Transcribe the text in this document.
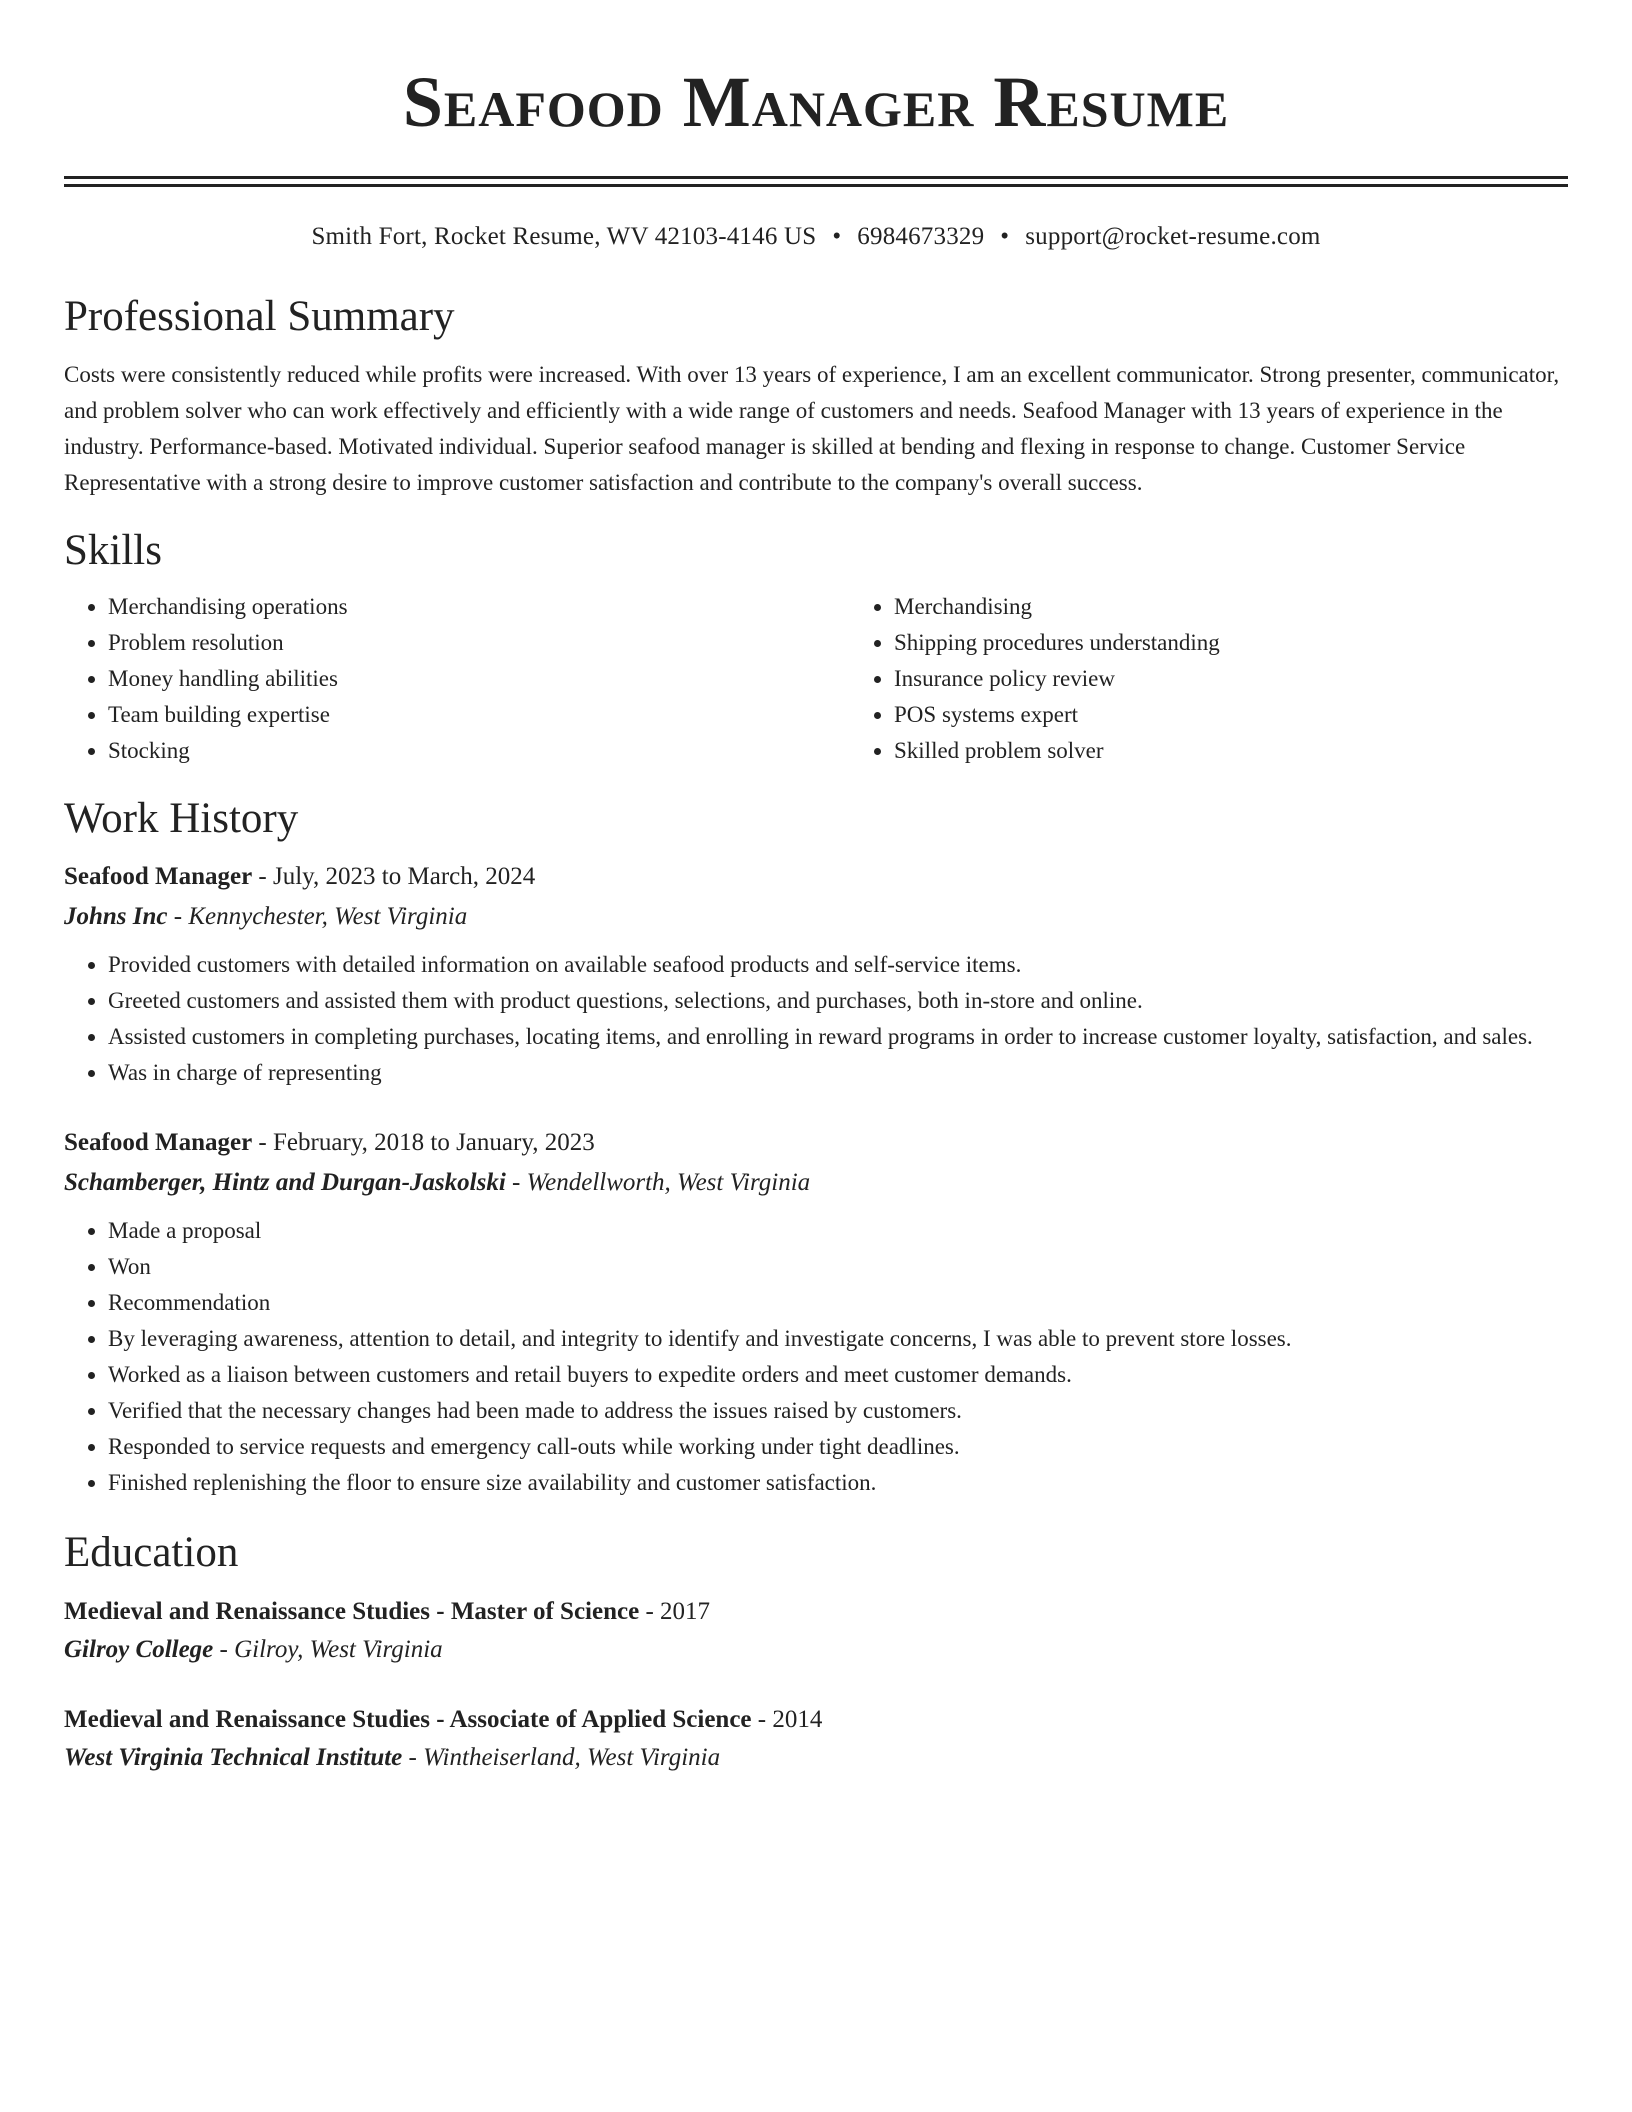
Seafood Manager Resume
Smith Fort, Rocket Resume, WV 42103-4146 US • 6984673329 • support@rocket-resume.com
Professional Summary
Costs were consistently reduced while profits were increased. With over 13 years of experience, I am an excellent communicator. Strong presenter, communicator, and problem solver who can work effectively and efficiently with a wide range of customers and needs. Seafood Manager with 13 years of experience in the industry. Performance-based. Motivated individual. Superior seafood manager is skilled at bending and flexing in response to change. Customer Service Representative with a strong desire to improve customer satisfaction and contribute to the company's overall success.
Skills
• Merchandising operations
• Problem resolution
• Money handling abilities
• Team building expertise
• Stocking
• Merchandising
• Shipping procedures understanding
• Insurance policy review
• POS systems expert
• Skilled problem solver
Work History
Seafood Manager - July, 2023 to March, 2024
Johns Inc - Kennychester, West Virginia
• Provided customers with detailed information on available seafood products and self-service items.
• Greeted customers and assisted them with product questions, selections, and purchases, both in-store and online.
• Assisted customers in completing purchases, locating items, and enrolling in reward programs in order to increase customer loyalty, satisfaction, and sales.
• Was in charge of representing
Seafood Manager - February, 2018 to January, 2023
Schamberger, Hintz and Durgan-Jaskolski - Wendellworth, West Virginia
• Made a proposal
• Won
• Recommendation
• By leveraging awareness, attention to detail, and integrity to identify and investigate concerns, I was able to prevent store losses.
• Worked as a liaison between customers and retail buyers to expedite orders and meet customer demands.
• Verified that the necessary changes had been made to address the issues raised by customers.
• Responded to service requests and emergency call-outs while working under tight deadlines.
• Finished replenishing the floor to ensure size availability and customer satisfaction.
Education
Medieval and Renaissance Studies - Master of Science - 2017
Gilroy College - Gilroy, West Virginia
Medieval and Renaissance Studies - Associate of Applied Science - 2014
West Virginia Technical Institute - Wintheiserland, West Virginia
